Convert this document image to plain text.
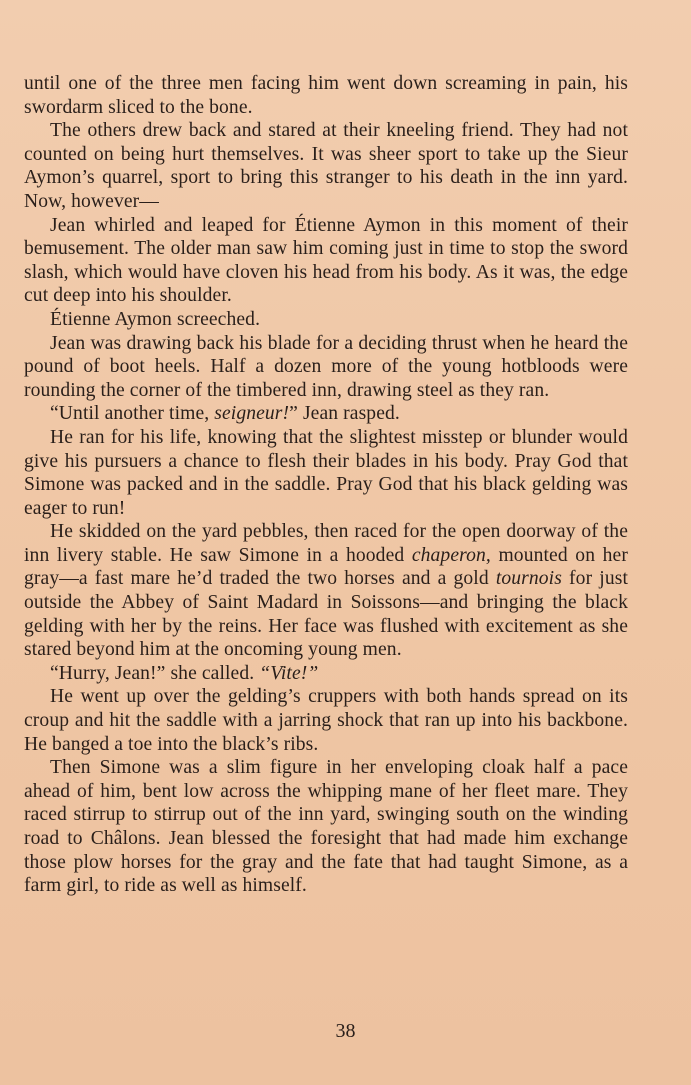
until one of the three men facing him went down screaming in pain, his swordarm sliced to the bone.

The others drew back and stared at their kneeling friend. They had not counted on being hurt themselves. It was sheer sport to take up the Sieur Aymon’s quarrel, sport to bring this stranger to his death in the inn yard. Now, however—

Jean whirled and leaped for Étienne Aymon in this moment of their bemusement. The older man saw him coming just in time to stop the sword slash, which would have cloven his head from his body. As it was, the edge cut deep into his shoulder.

Étienne Aymon screeched.

Jean was drawing back his blade for a deciding thrust when he heard the pound of boot heels. Half a dozen more of the young hotbloods were rounding the corner of the timbered inn, drawing steel as they ran.

“Until another time, seigneur!” Jean rasped.

He ran for his life, knowing that the slightest misstep or blunder would give his pursuers a chance to flesh their blades in his body. Pray God that Simone was packed and in the saddle. Pray God that his black gelding was eager to run!

He skidded on the yard pebbles, then raced for the open doorway of the inn livery stable. He saw Simone in a hooded chaperon, mounted on her gray—a fast mare he’d traded the two horses and a gold tournois for just outside the Abbey of Saint Madard in Soissons—and bringing the black gelding with her by the reins. Her face was flushed with excitement as she stared beyond him at the oncoming young men.

“Hurry, Jean!” she called. “Vite!”

He went up over the gelding’s cruppers with both hands spread on its croup and hit the saddle with a jarring shock that ran up into his backbone. He banged a toe into the black’s ribs.

Then Simone was a slim figure in her enveloping cloak half a pace ahead of him, bent low across the whipping mane of her fleet mare. They raced stirrup to stirrup out of the inn yard, swinging south on the winding road to Châlons. Jean blessed the foresight that had made him exchange those plow horses for the gray and the fate that had taught Simone, as a farm girl, to ride as well as himself.

38
